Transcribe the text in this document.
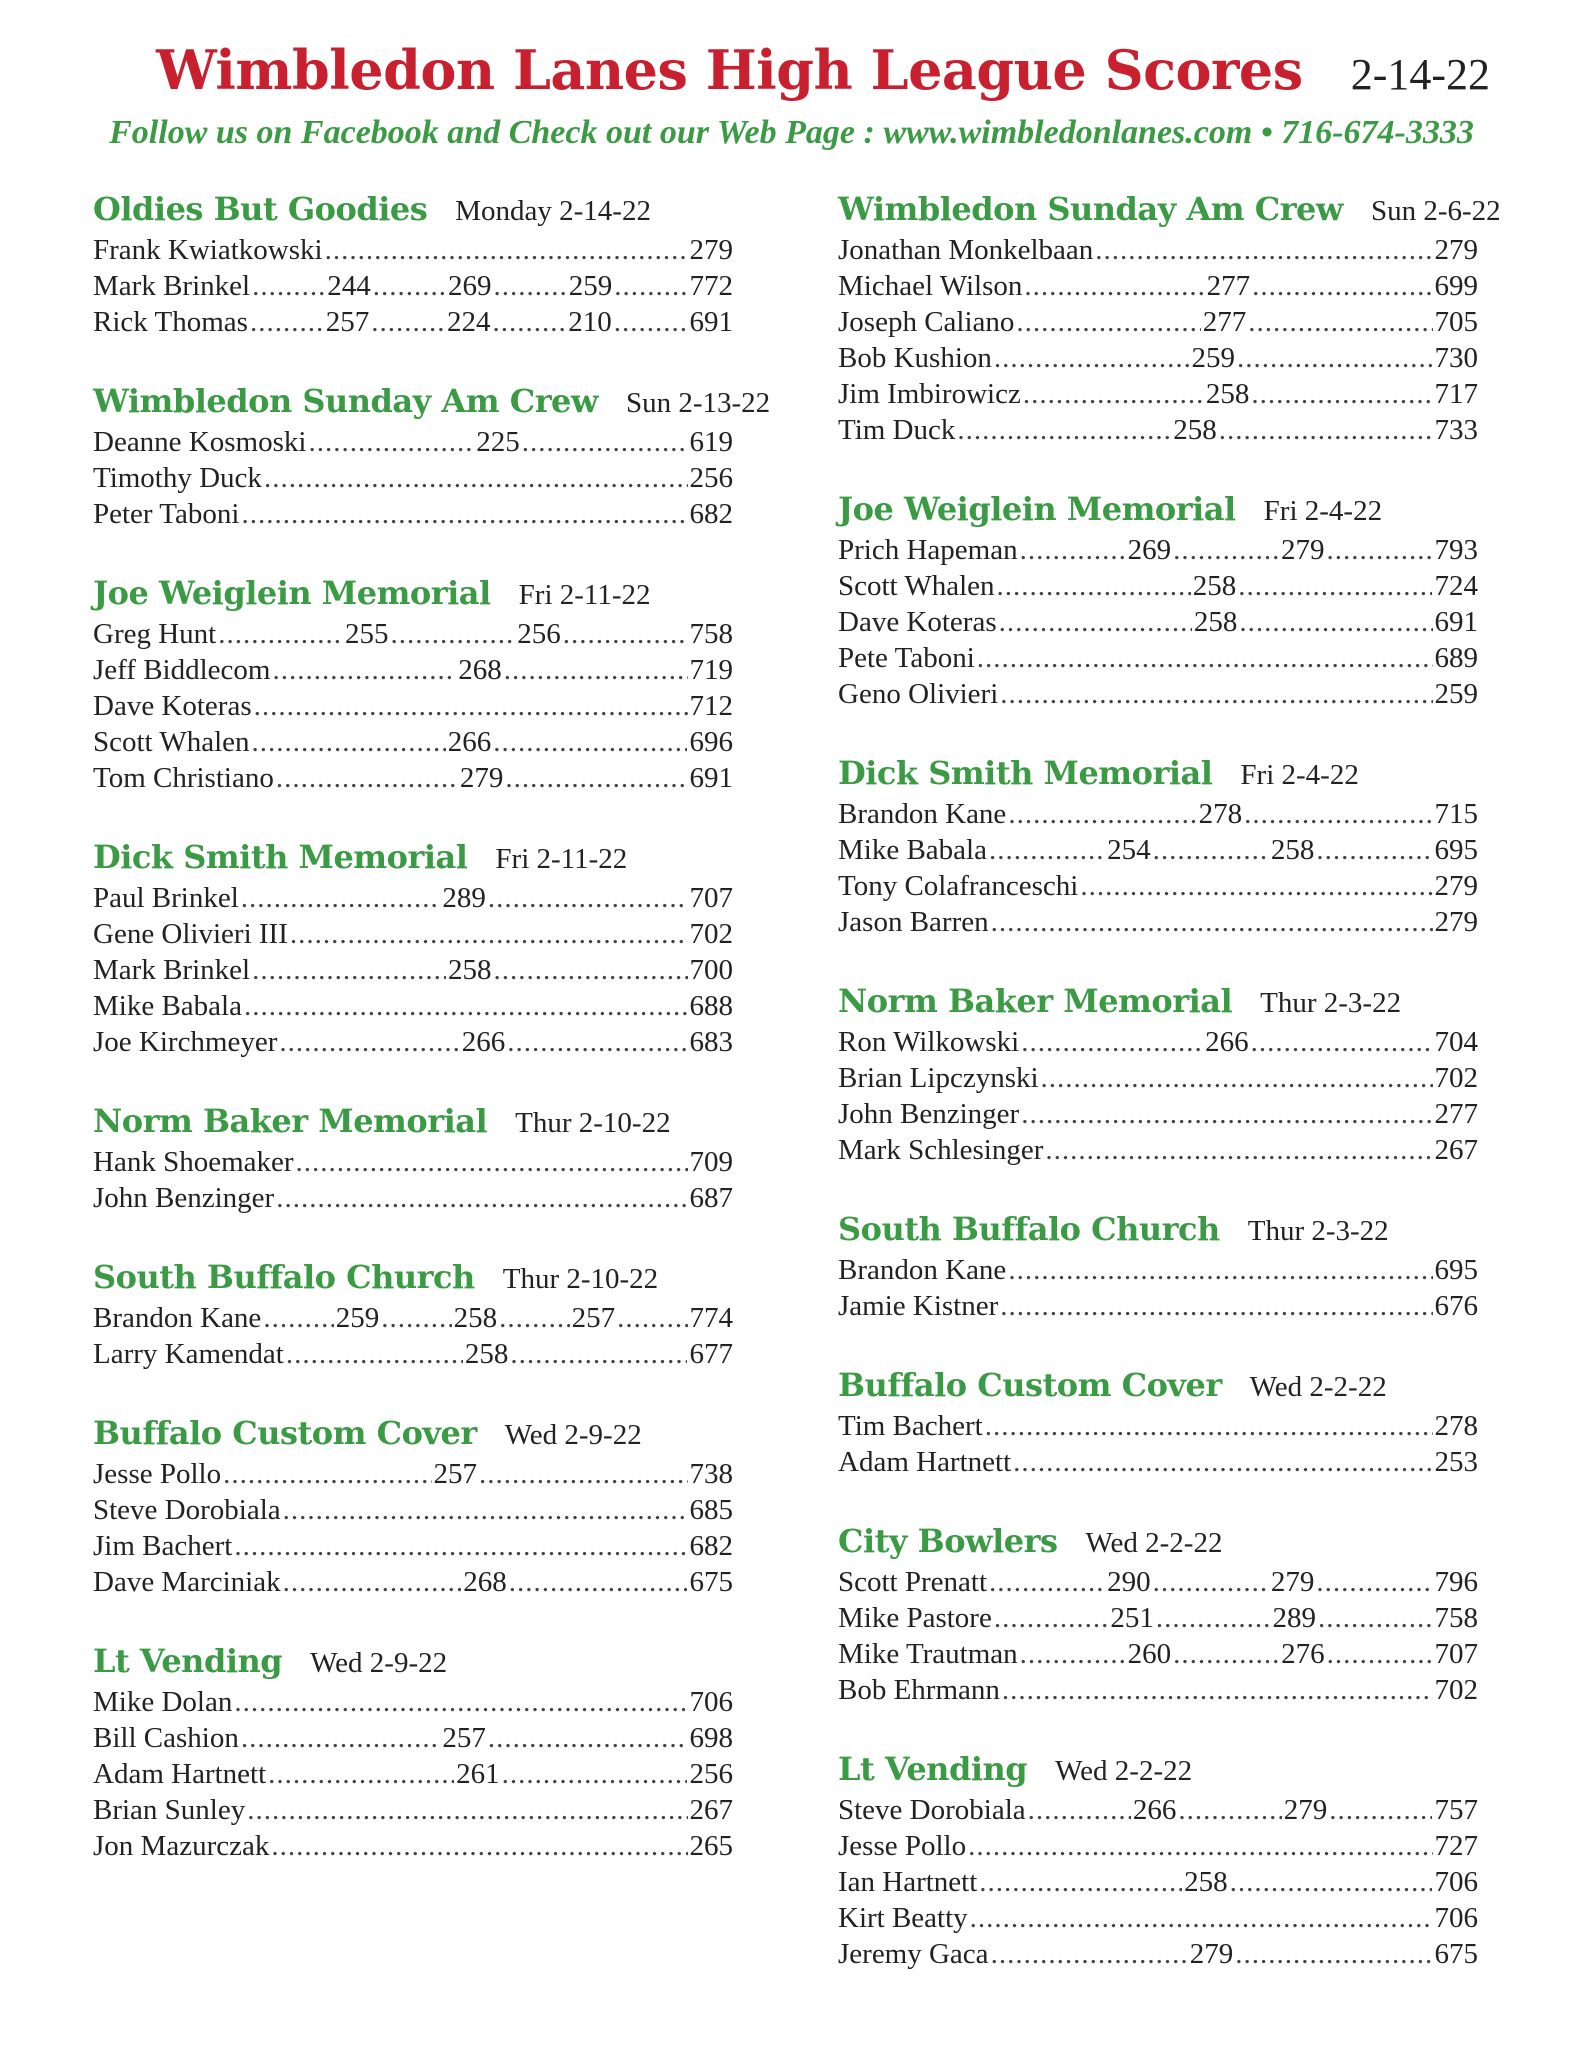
Wimbledon Lanes High League Scores 2-14-22
Follow us on Facebook and Check out our Web Page : www.wimbledonlanes.com • 716-674-3333
Oldies But Goodies Monday 2-14-22
Frank Kwiatkowski .....	279
Mark Brinkel .....	244 .....	269 .....	259 .....	772
Rick Thomas .....	257 .....	224 .....	210 .....	691
Wimbledon Sunday Am Crew Sun 2-13-22
Deanne Kosmoski .....	225 .....	619
Timothy Duck .....	256
Peter Taboni .....	682
Joe Weiglein Memorial Fri 2-11-22
Greg Hunt .....	255 .....	256 .....	758
Jeff Biddlecom .....	268 .....	719
Dave Koteras .....	712
Scott Whalen .....	266 .....	696
Tom Christiano .....	279 .....	691
Dick Smith Memorial Fri 2-11-22
Paul Brinkel .....	289 .....	707
Gene Olivieri III .....	702
Mark Brinkel .....	258 .....	700
Mike Babala .....	688
Joe Kirchmeyer .....	266 .....	683
Norm Baker Memorial Thur 2-10-22
Hank Shoemaker .....	709
John Benzinger .....	687
South Buffalo Church Thur 2-10-22
Brandon Kane .....	259 .....	258 .....	257 .....	774
Larry Kamendat .....	258 .....	677
Buffalo Custom Cover Wed 2-9-22
Jesse Pollo .....	257 .....	738
Steve Dorobiala .....	685
Jim Bachert .....	682
Dave Marciniak .....	268 .....	675
Lt Vending Wed 2-9-22
Mike Dolan .....	706
Bill Cashion .....	257 .....	698
Adam Hartnett .....	261 .....	256
Brian Sunley .....	267
Jon Mazurczak .....	265
Wimbledon Sunday Am Crew Sun 2-6-22
Jonathan Monkelbaan .....	279
Michael Wilson .....	277 .....	699
Joseph Caliano .....	277 .....	705
Bob Kushion .....	259 .....	730
Jim Imbirowicz .....	258 .....	717
Tim Duck .....	258 .....	733
Joe Weiglein Memorial Fri 2-4-22
Prich Hapeman .....	269 .....	279 .....	793
Scott Whalen .....	258 .....	724
Dave Koteras .....	258 .....	691
Pete Taboni .....	689
Geno Olivieri .....	259
Dick Smith Memorial Fri 2-4-22
Brandon Kane .....	278 .....	715
Mike Babala .....	254 .....	258 .....	695
Tony Colafranceschi .....	279
Jason Barren .....	279
Norm Baker Memorial Thur 2-3-22
Ron Wilkowski .....	266 .....	704
Brian Lipczynski .....	702
John Benzinger .....	277
Mark Schlesinger .....	267
South Buffalo Church Thur 2-3-22
Brandon Kane .....	695
Jamie Kistner .....	676
Buffalo Custom Cover Wed 2-2-22
Tim Bachert .....	278
Adam Hartnett .....	253
City Bowlers Wed 2-2-22
Scott Prenatt .....	290 .....	279 .....	796
Mike Pastore .....	251 .....	289 .....	758
Mike Trautman .....	260 .....	276 .....	707
Bob Ehrmann .....	702
Lt Vending Wed 2-2-22
Steve Dorobiala .....	266 .....	279 .....	757
Jesse Pollo .....	727
Ian Hartnett .....	258 .....	706
Kirt Beatty .....	706
Jeremy Gaca .....	279 .....	675
